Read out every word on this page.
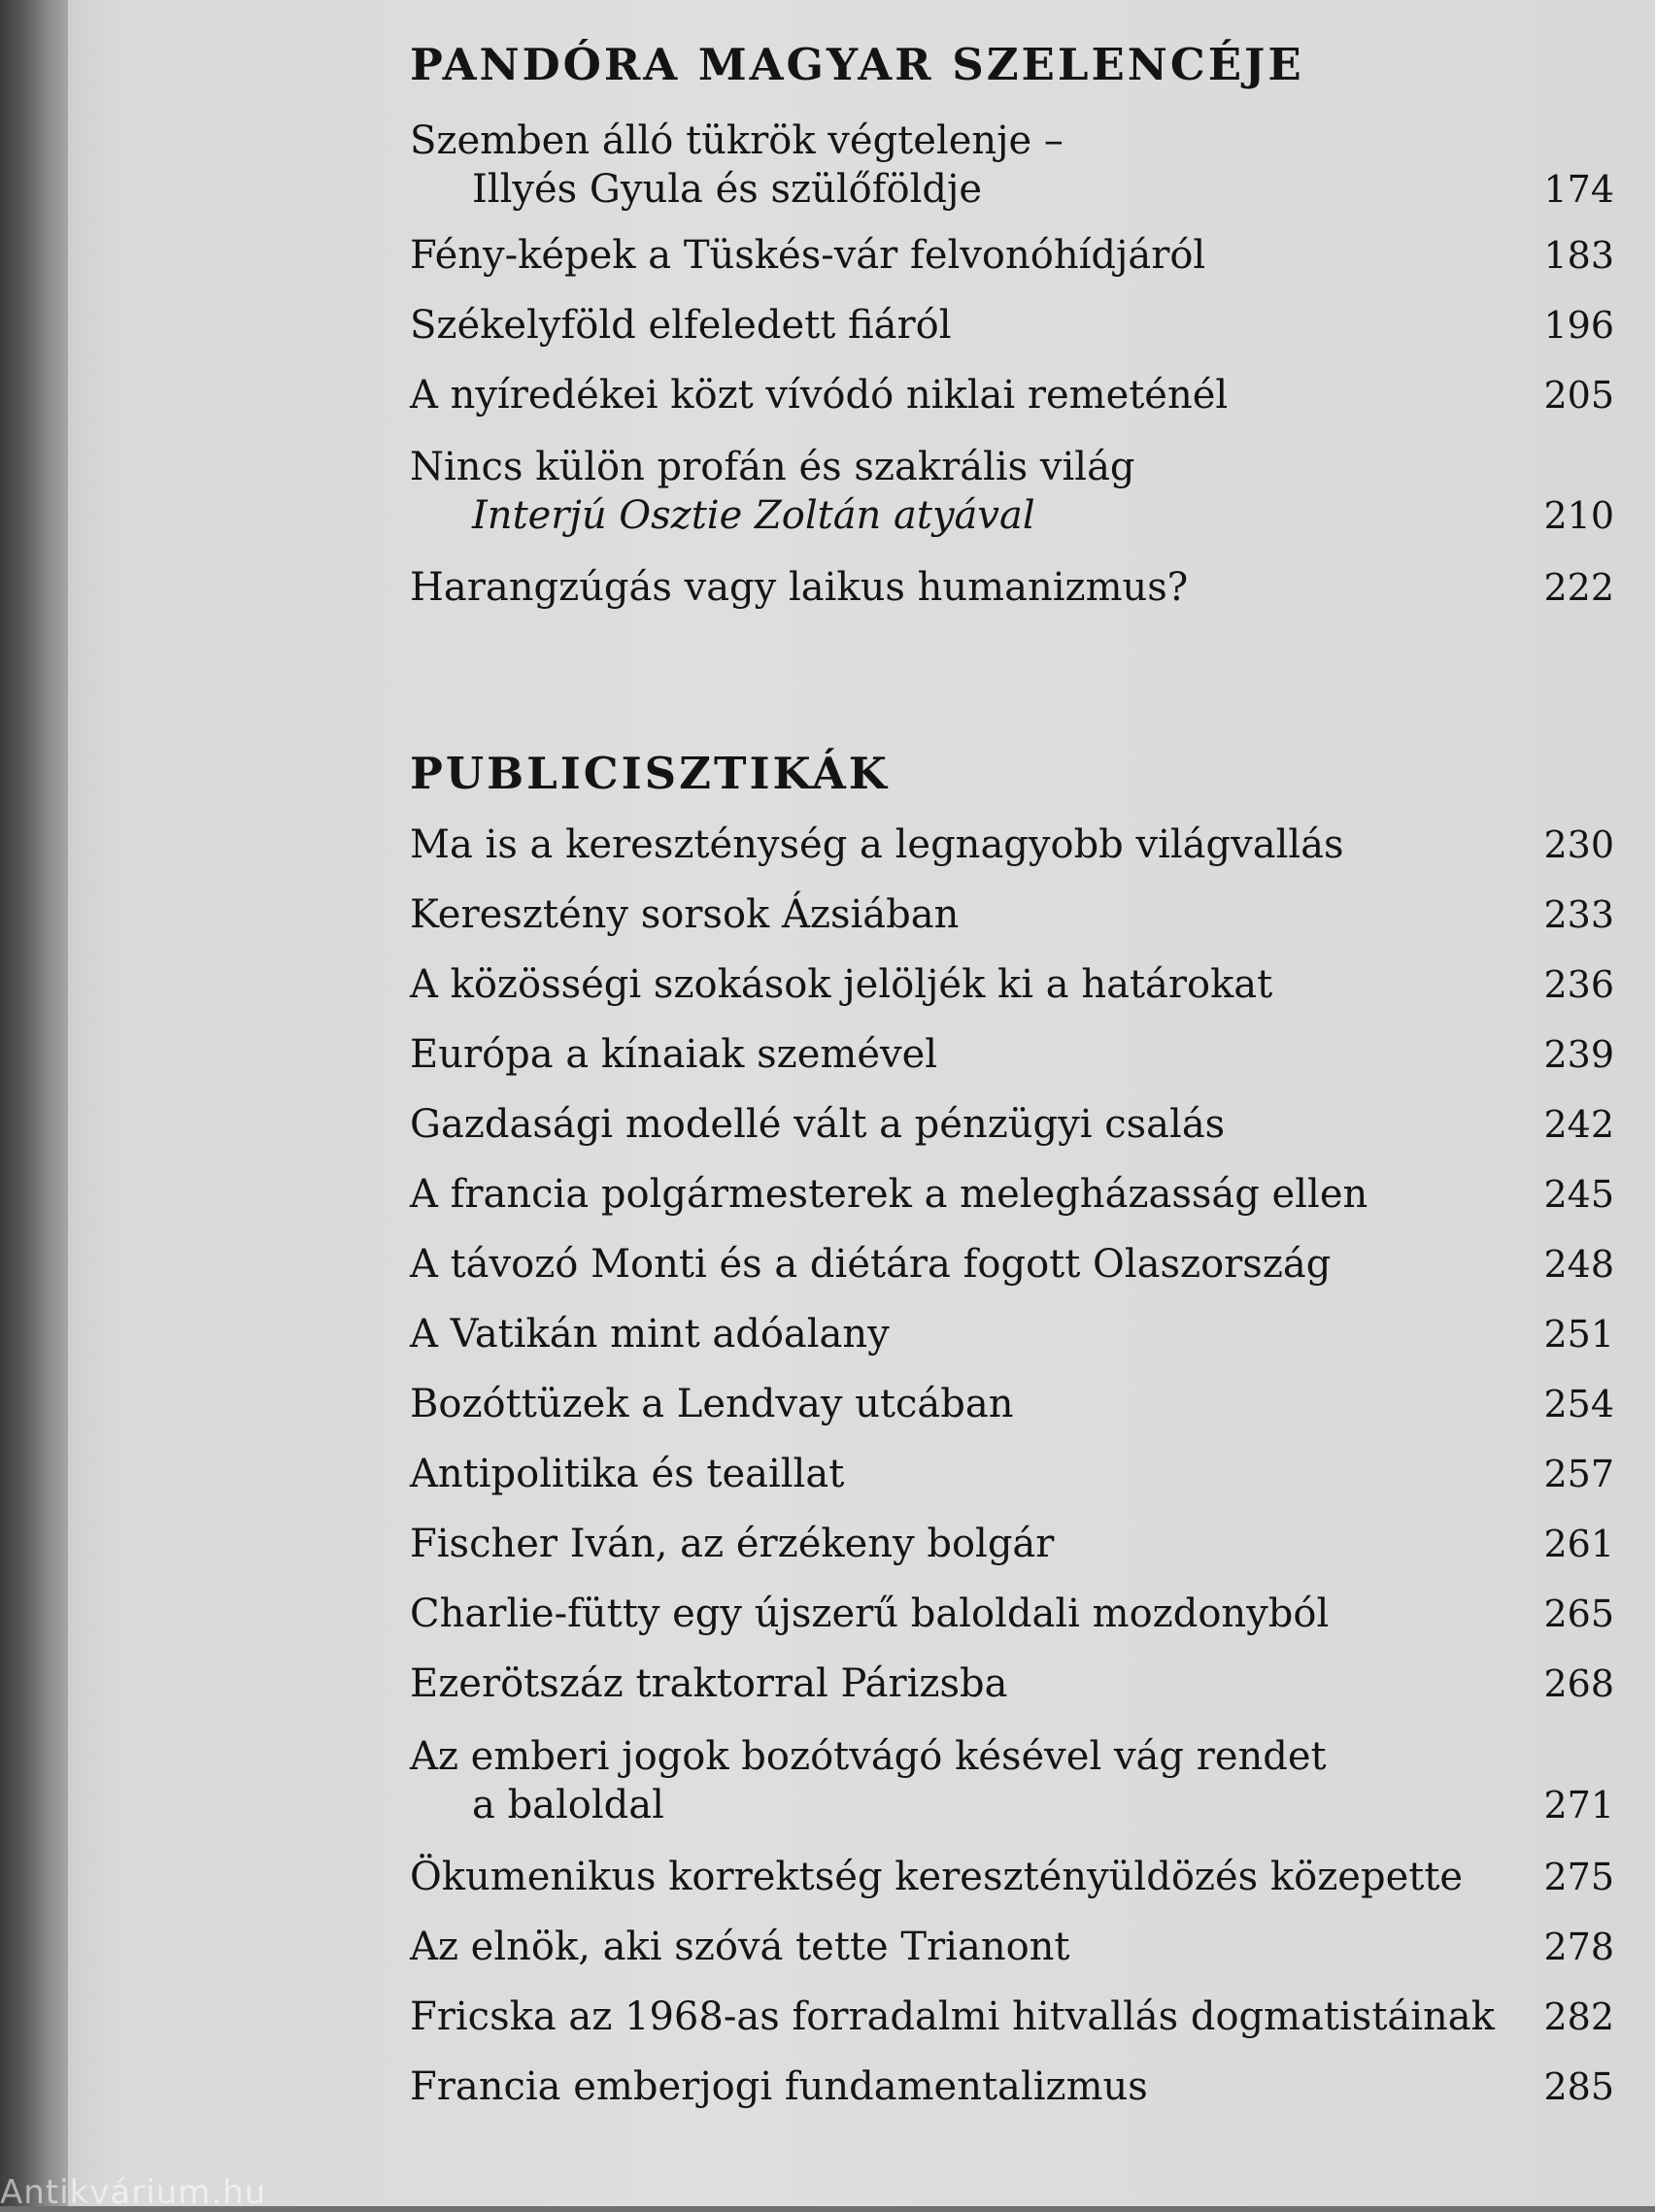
PANDÓRA MAGYAR SZELENCÉJE
Szemben álló tükrök végtelenje –
Illyés Gyula és szülőföldje	174
Fény-képek a Tüskés-vár felvonóhídjáról	183
Székelyföld elfeledett fiáról	196
A nyíredékei közt vívódó niklai remeténél	205
Nincs külön profán és szakrális világ
Interjú Osztie Zoltán atyával	210
Harangzúgás vagy laikus humanizmus?	222
PUBLICISZTIKÁK
Ma is a kereszténység a legnagyobb világvallás	230
Keresztény sorsok Ázsiában	233
A közösségi szokások jelöljék ki a határokat	236
Európa a kínaiak szemével	239
Gazdasági modellé vált a pénzügyi csalás	242
A francia polgármesterek a melegházasság ellen	245
A távozó Monti és a diétára fogott Olaszország	248
A Vatikán mint adóalany	251
Bozóttüzek a Lendvay utcában	254
Antipolitika és teaillat	257
Fischer Iván, az érzékeny bolgár	261
Charlie-fütty egy újszerű baloldali mozdonyból	265
Ezerötszáz traktorral Párizsba	268
Az emberi jogok bozótvágó késével vág rendet
a baloldal	271
Ökumenikus korrektség keresztényüldözés közepette	275
Az elnök, aki szóvá tette Trianont	278
Fricska az 1968-as forradalmi hitvallás dogmatistáinak	282
Francia emberjogi fundamentalizmus	285
Antikvárium.hu
